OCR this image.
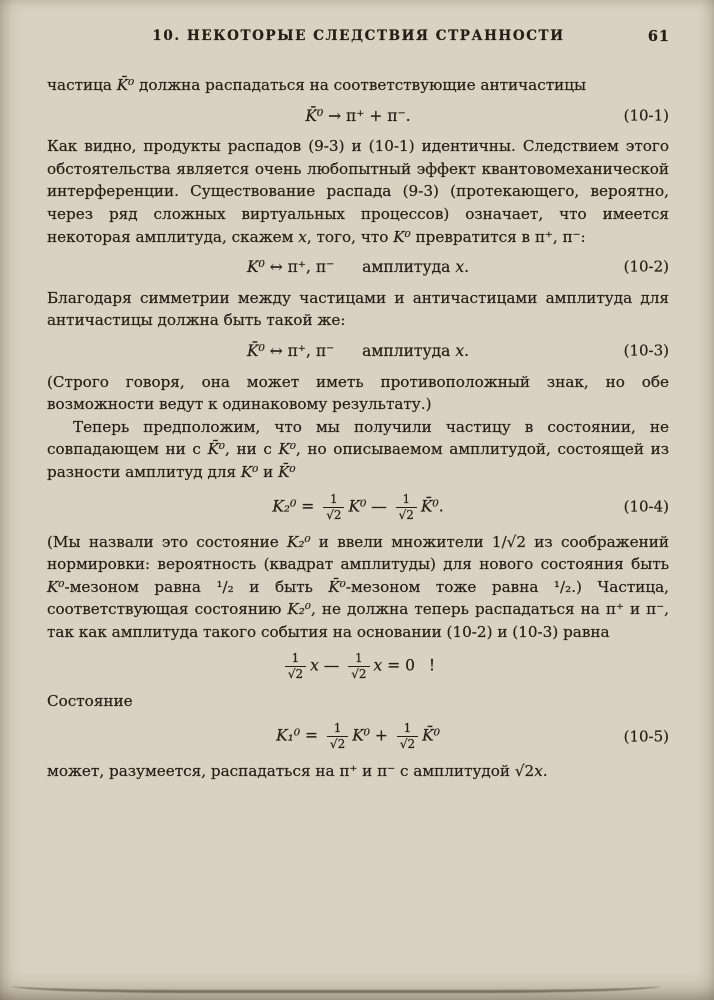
10. НЕКОТОРЫЕ СЛЕДСТВИЯ СТРАННОСТИ	61

частица K̄⁰ должна распадаться на соответствующие античастицы

K̄⁰ → π⁺ + π⁻.	(10-1)

Как видно, продукты распадов (9-3) и (10-1) идентичны. Следствием этого обстоятельства является очень любопытный эффект квантовомеханической интерференции. Существование распада (9-3) (протекающего, вероятно, через ряд сложных виртуальных процессов) означает, что имеется некоторая амплитуда, скажем x, того, что K⁰ превратится в π⁺, π⁻:

K⁰ ↔ π⁺, π⁻ амплитуда x.	(10-2)

Благодаря симметрии между частицами и античастицами амплитуда для античастицы должна быть такой же:

K̄⁰ ↔ π⁺, π⁻ амплитуда x.	(10-3)

(Строго говоря, она может иметь противоположный знак, но обе возможности ведут к одинаковому результату.)

Теперь предположим, что мы получили частицу в состоянии, не совпадающем ни с K̄⁰, ни с K⁰, но описываемом амплитудой, состоящей из разности амплитуд для K⁰ и K̄⁰

$K_2^0 = \frac{1}{√2} K^0$ — $\frac{1}{√2}$ K̄⁰.	(10-4)

(Мы назвали это состояние K₂⁰ и ввели множители 1/√2 из соображений нормировки: вероятность (квадрат амплитуды) для нового состояния быть K⁰-мезоном равна ¹/₂ и быть K̄⁰-мезоном тоже равна ¹/₂.) Частица, соответствующая состоянию K₂⁰, не должна теперь распадаться на π⁺ и π⁻, так как амплитуда такого события на основании (10-2) и (10-3) равна

$\frac{1}{√2}$ x — $\frac{1}{√2}$ x = 0 !

Состояние

$K_1^0 = \frac{1}{√2} K^0 + \frac{1}{√2}$ K̄⁰	(10-5)

может, разумеется, распадаться на π⁺ и π⁻ с амплитудой √2x.
